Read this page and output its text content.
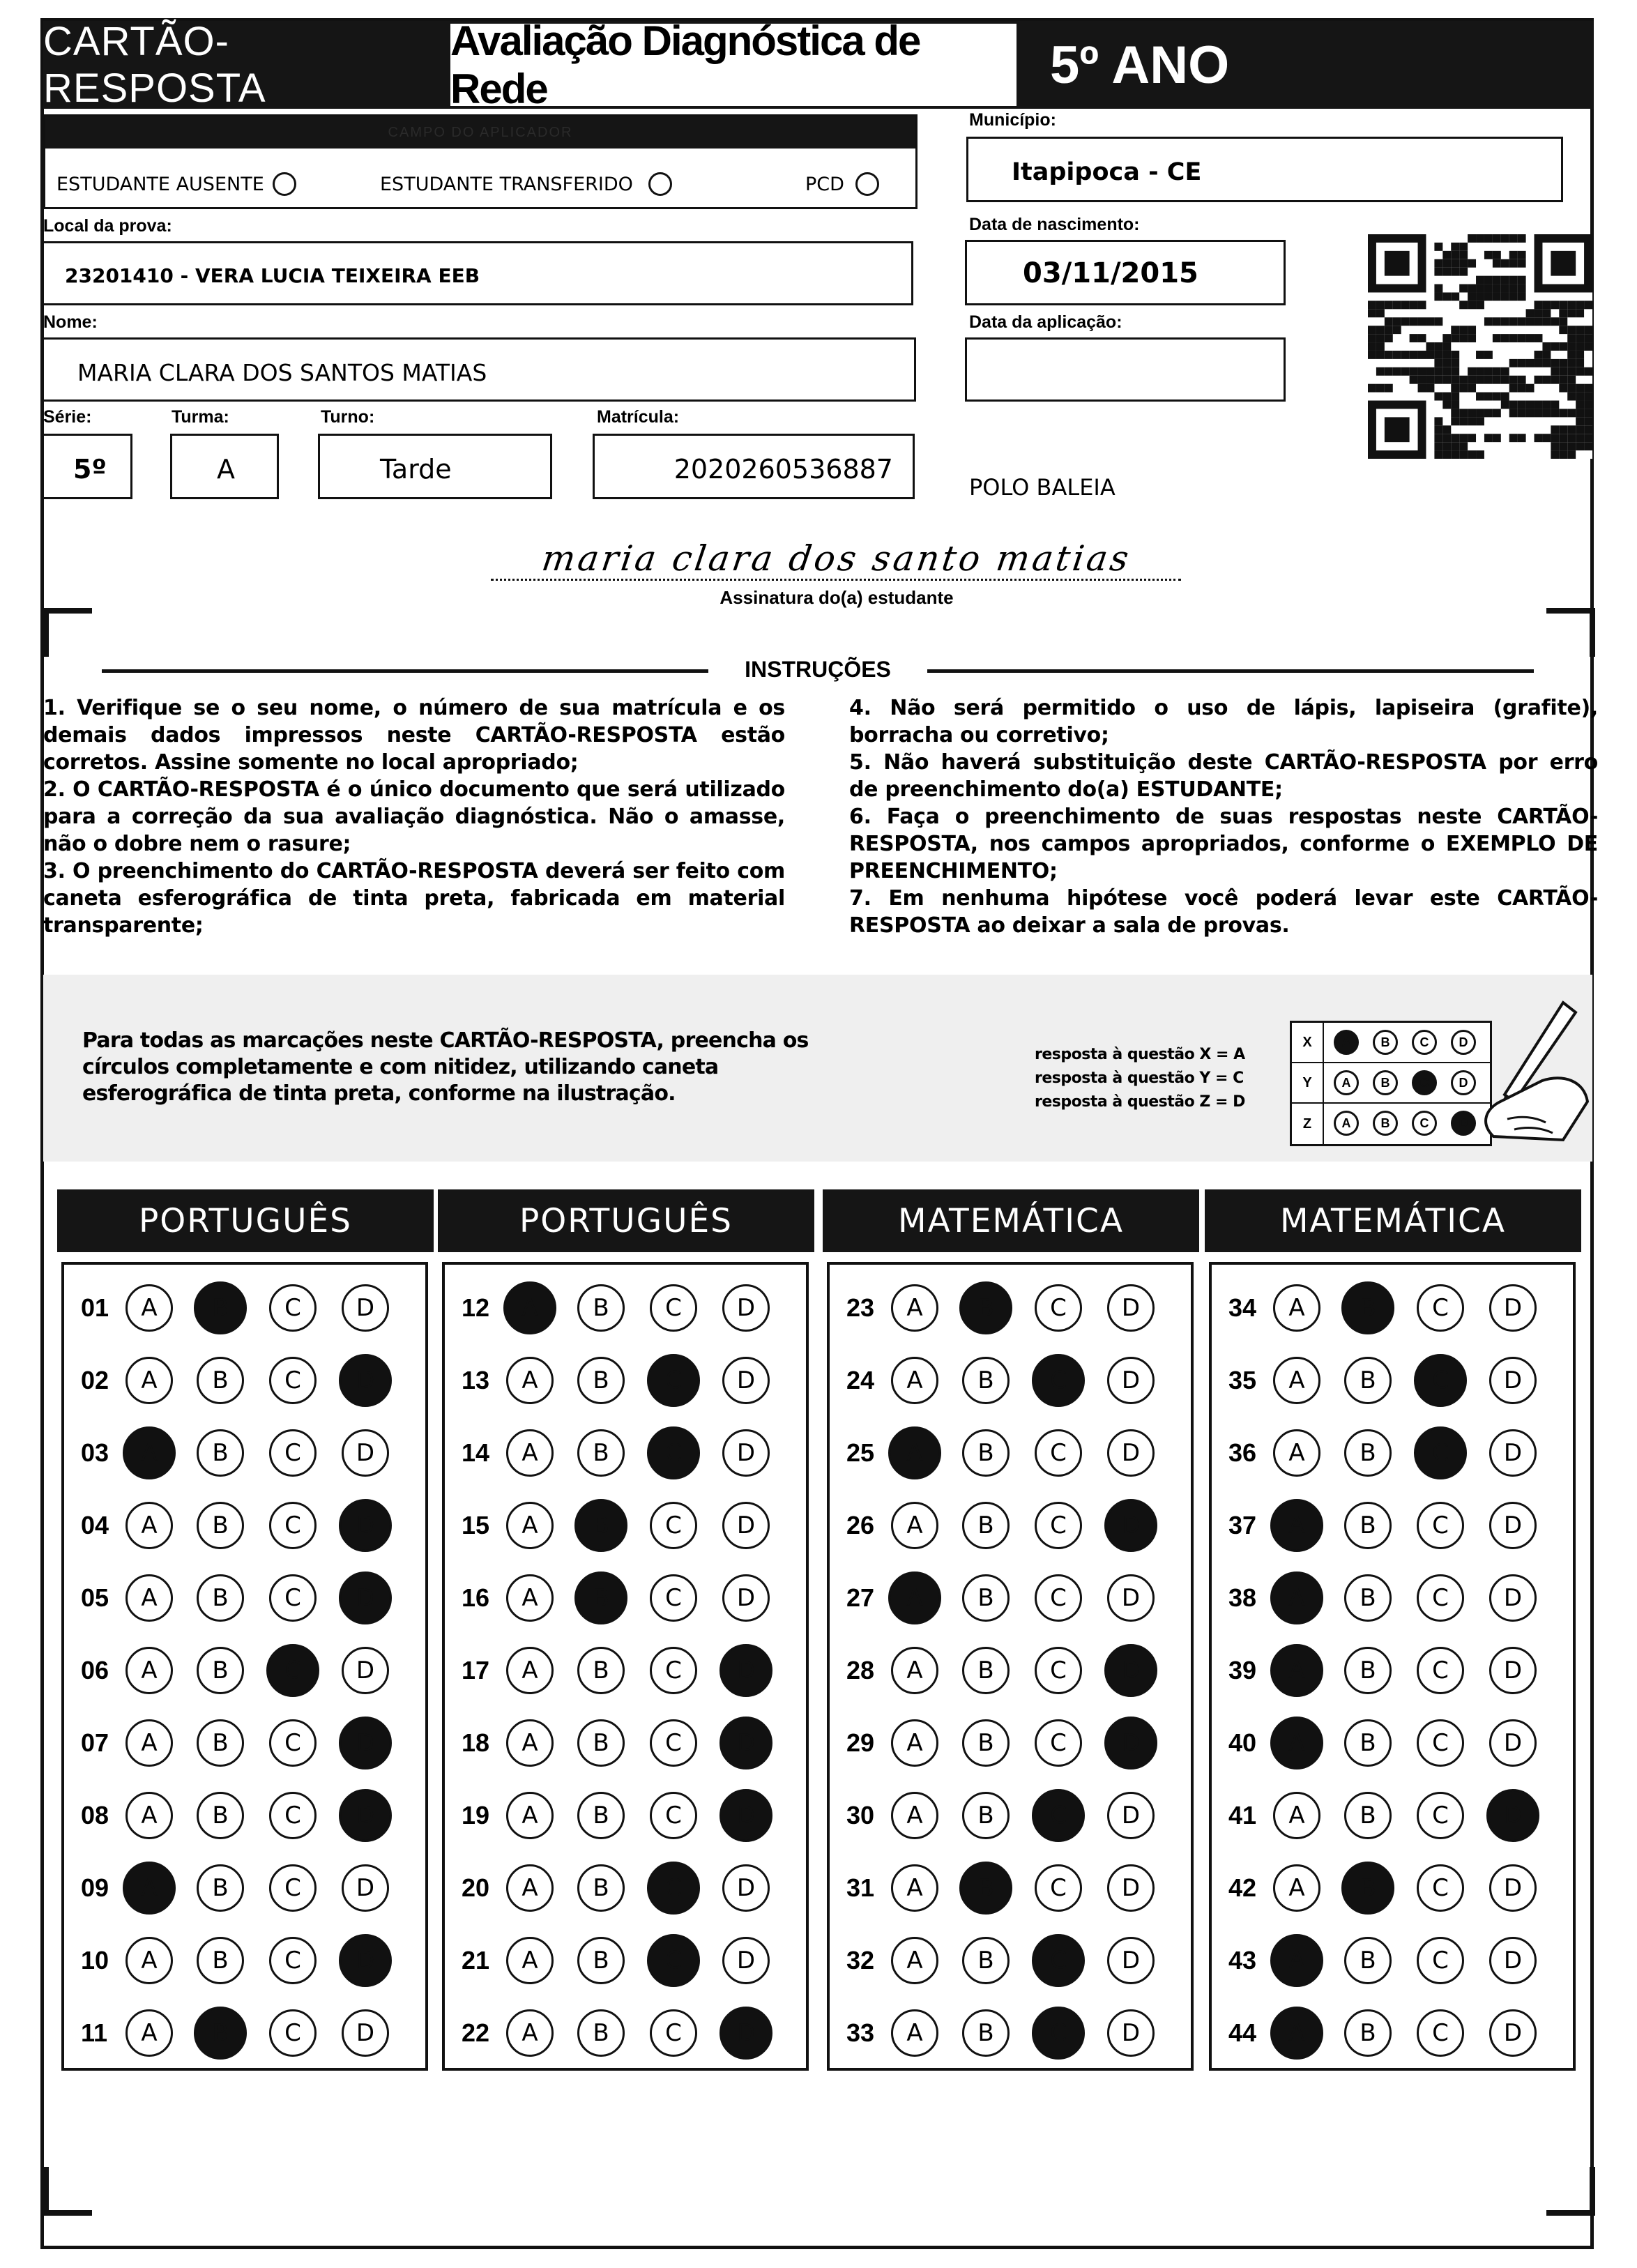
CARTÃO-RESPOSTA
Avaliação Diagnóstica de Rede	5º ANO
CAMPO DO APLICADOR
ESTUDANTE AUSENTE	ESTUDANTE TRANSFERIDO	PCD
Município:
Itapipoca - CE
Local da prova:
23201410 - VERA LUCIA TEIXEIRA EEB
Data de nascimento:
03/11/2015
Nome:
MARIA CLARA DOS SANTOS MATIAS
Data da aplicação:
Série:
5º
Turma:
A
Turno:
Tarde
Matrícula:
2020260536887
POLO BALEIA
maria clara dos santo matias
Assinatura do(a) estudante
INSTRUÇÕES
1. Verifique se o seu nome, o número de sua matrícula e os demais dados impressos neste CARTÃO-RESPOSTA estão corretos. Assine somente no local apropriado;
2. O CARTÃO-RESPOSTA é o único documento que será utilizado para a correção da sua avaliação diagnóstica. Não o amasse, não o dobre nem o rasure;
3. O preenchimento do CARTÃO-RESPOSTA deverá ser feito com caneta esferográfica de tinta preta, fabricada em material transparente;
4. Não será permitido o uso de lápis, lapiseira (grafite), borracha ou corretivo;
5. Não haverá substituição deste CARTÃO-RESPOSTA por erro de preenchimento do(a) ESTUDANTE;
6. Faça o preenchimento de suas respostas neste CARTÃO-RESPOSTA, nos campos apropriados, conforme o EXEMPLO DE PREENCHIMENTO;
7. Em nenhuma hipótese você poderá levar este CARTÃO-RESPOSTA ao deixar a sala de provas.
Para todas as marcações neste CARTÃO-RESPOSTA, preencha os círculos completamente e com nitidez, utilizando caneta esferográfica de tinta preta, conforme na ilustração.
resposta à questão X = A
resposta à questão Y = C
resposta à questão Z = D
X	A	B	C	D
Y	A	B	C	D
Z	A	B	C	D
PORTUGUÊS
01	A	B	C	D
02	A	B	C	D
03	A	B	C	D
04	A	B	C	D
05	A	B	C	D
06	A	B	C	D
07	A	B	C	D
08	A	B	C	D
09	A	B	C	D
10	A	B	C	D
11	A	B	C	D
PORTUGUÊS
12	A	B	C	D
13	A	B	C	D
14	A	B	C	D
15	A	B	C	D
16	A	B	C	D
17	A	B	C	D
18	A	B	C	D
19	A	B	C	D
20	A	B	C	D
21	A	B	C	D
22	A	B	C	D
MATEMÁTICA
23	A	B	C	D
24	A	B	C	D
25	A	B	C	D
26	A	B	C	D
27	A	B	C	D
28	A	B	C	D
29	A	B	C	D
30	A	B	C	D
31	A	B	C	D
32	A	B	C	D
33	A	B	C	D
MATEMÁTICA
34	A	B	C	D
35	A	B	C	D
36	A	B	C	D
37	A	B	C	D
38	A	B	C	D
39	A	B	C	D
40	A	B	C	D
41	A	B	C	D
42	A	B	C	D
43	A	B	C	D
44	A	B	C	D
